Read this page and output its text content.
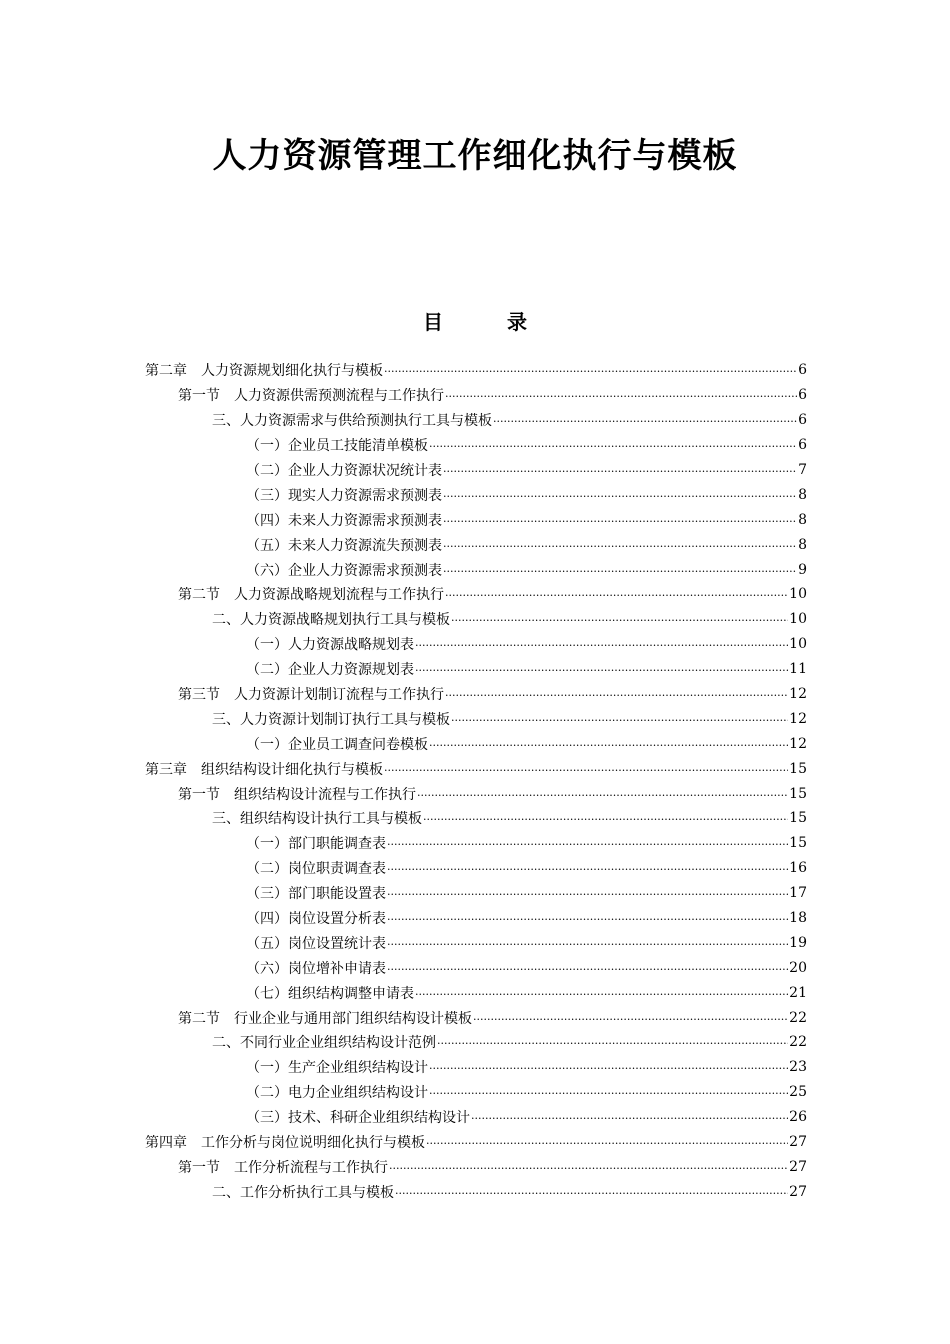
人力资源管理工作细化执行与模板
目　录
第二章　人力资源规划细化执行与模板 .....	6
第一节　人力资源供需预测流程与工作执行 .....	6
三、人力资源需求与供给预测执行工具与模板 .....	6
（一）企业员工技能清单模板 .....	6
（二）企业人力资源状况统计表 .....	7
（三）现实人力资源需求预测表 .....	8
（四）未来人力资源需求预测表 .....	8
（五）未来人力资源流失预测表 .....	8
（六）企业人力资源需求预测表 .....	9
第二节　人力资源战略规划流程与工作执行 .....	10
二、人力资源战略规划执行工具与模板 .....	10
（一）人力资源战略规划表 .....	10
（二）企业人力资源规划表 .....	11
第三节　人力资源计划制订流程与工作执行 .....	12
三、人力资源计划制订执行工具与模板 .....	12
（一）企业员工调查问卷模板 .....	12
第三章　组织结构设计细化执行与模板 .....	15
第一节　组织结构设计流程与工作执行 .....	15
三、组织结构设计执行工具与模板 .....	15
（一）部门职能调查表 .....	15
（二）岗位职责调查表 .....	16
（三）部门职能设置表 .....	17
（四）岗位设置分析表 .....	18
（五）岗位设置统计表 .....	19
（六）岗位增补申请表 .....	20
（七）组织结构调整申请表 .....	21
第二节　行业企业与通用部门组织结构设计模板 .....	22
二、不同行业企业组织结构设计范例 .....	22
（一）生产企业组织结构设计 .....	23
（二）电力企业组织结构设计 .....	25
（三）技术、科研企业组织结构设计 .....	26
第四章　工作分析与岗位说明细化执行与模板 .....	27
第一节　工作分析流程与工作执行 .....	27
二、工作分析执行工具与模板 .....	27
